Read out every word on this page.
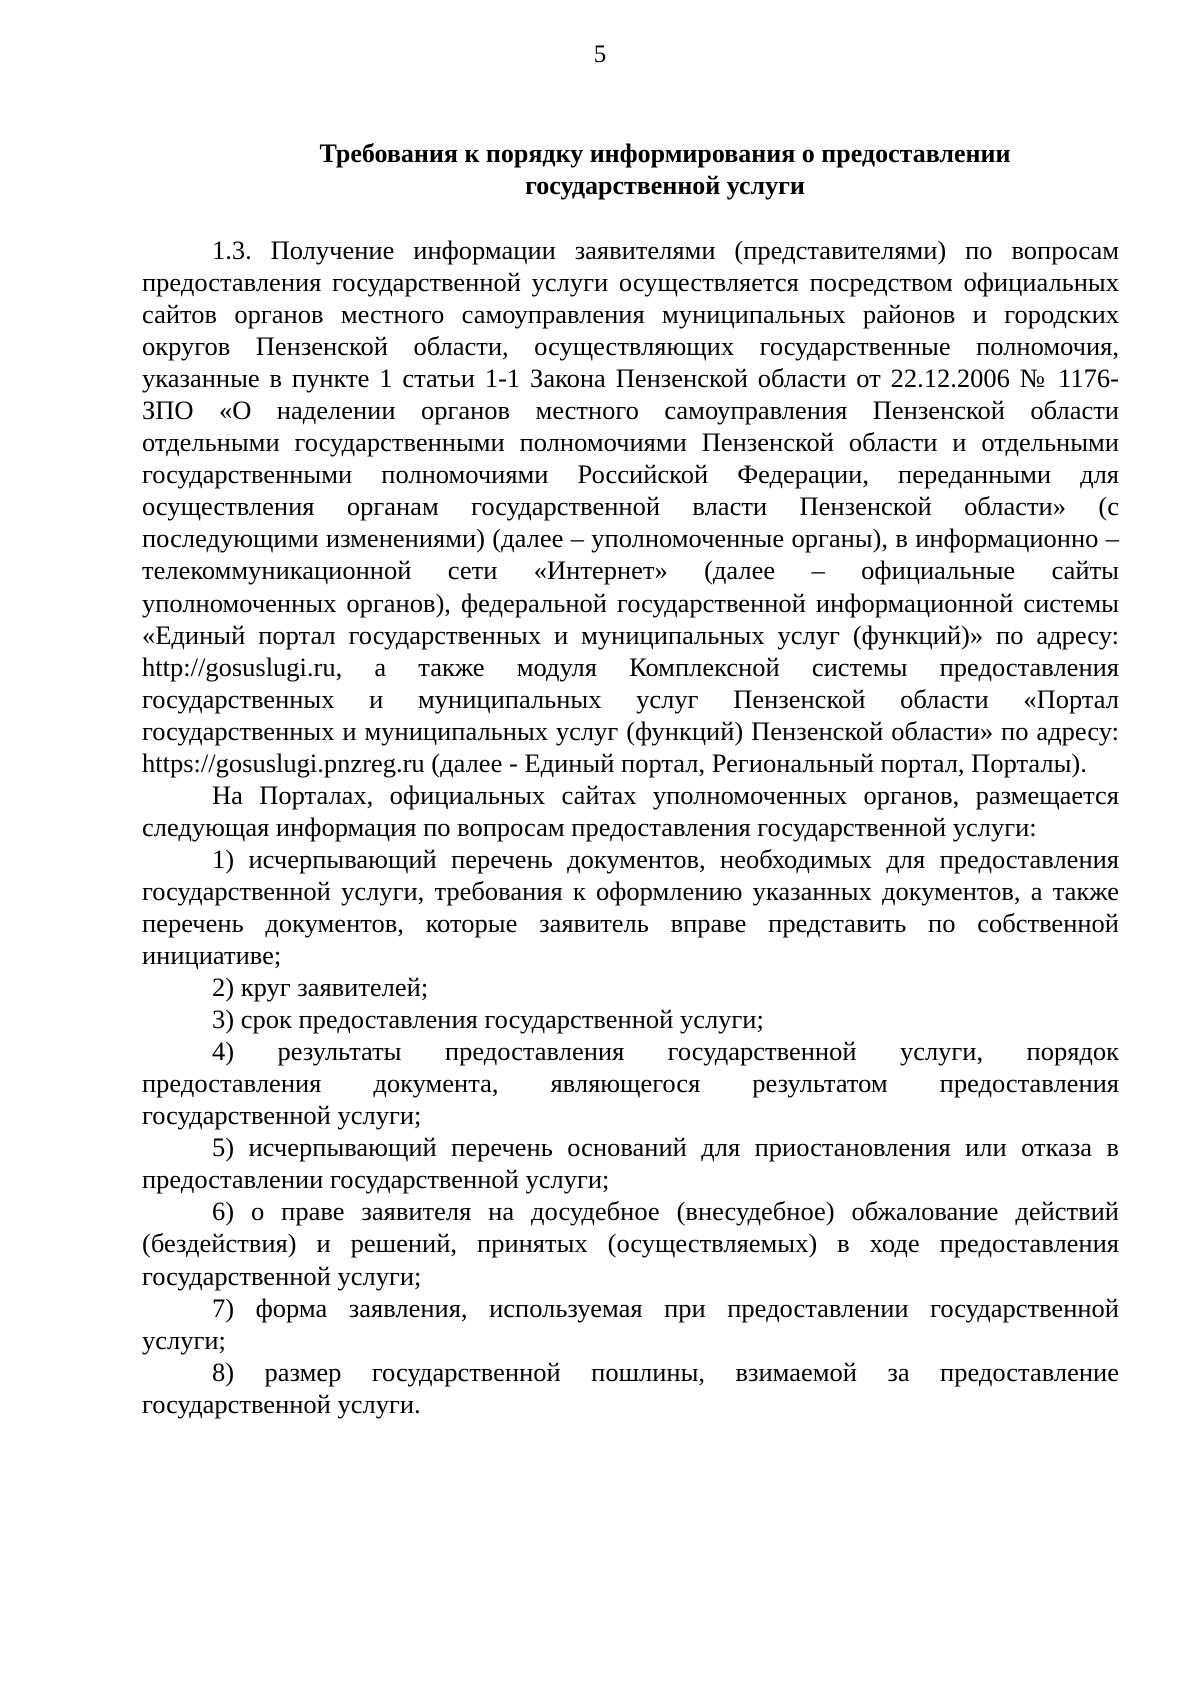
5
Требования к порядку информирования о предоставлении
государственной услуги

1.3. Получение информации заявителями (представителями) по вопросам предоставления государственной услуги осуществляется посредством официальных сайтов органов местного самоуправления муниципальных районов и городских округов Пензенской области, осуществляющих государственные полномочия, указанные в пункте 1 статьи 1-1 Закона Пензенской области от 22.12.2006 № 1176-ЗПО «О наделении органов местного самоуправления Пензенской области отдельными государственными полномочиями Пензенской области и отдельными государственными полномочиями Российской Федерации, переданными для осуществления органам государственной власти Пензенской области» (с последующими изменениями) (далее – уполномоченные органы), в информационно – телекоммуникационной сети «Интернет» (далее – официальные сайты уполномоченных органов), федеральной государственной информационной системы «Единый портал государственных и муниципальных услуг (функций)» по адресу: http://gosuslugi.ru, а также модуля Комплексной системы предоставления государственных и муниципальных услуг Пензенской области «Портал государственных и муниципальных услуг (функций) Пензенской области» по адресу: https://gosuslugi.pnzreg.ru (далее - Единый портал, Региональный портал, Порталы).

На Порталах, официальных сайтах уполномоченных органов, размещается следующая информация по вопросам предоставления государственной услуги:

1) исчерпывающий перечень документов, необходимых для предоставления государственной услуги, требования к оформлению указанных документов, а также перечень документов, которые заявитель вправе представить по собственной инициативе;

2) круг заявителей;

3) срок предоставления государственной услуги;

4) результаты предоставления государственной услуги, порядок предоставления документа, являющегося результатом предоставления государственной услуги;

5) исчерпывающий перечень оснований для приостановления или отказа в предоставлении государственной услуги;

6) о праве заявителя на досудебное (внесудебное) обжалование действий (бездействия) и решений, принятых (осуществляемых) в ходе предоставления государственной услуги;

7) форма заявления, используемая при предоставлении государственной услуги;

8) размер государственной пошлины, взимаемой за предоставление государственной услуги.
